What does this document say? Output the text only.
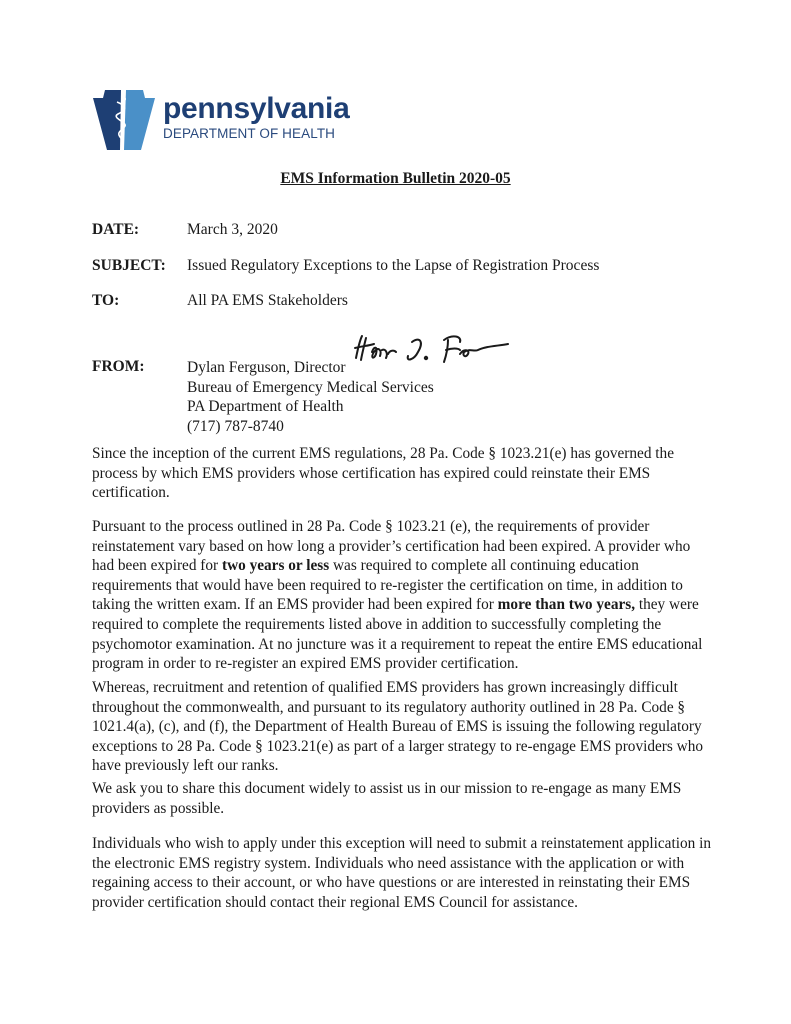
pennsylvania
DEPARTMENT OF HEALTH
EMS Information Bulletin 2020-05
DATE:	March 3, 2020
SUBJECT: Issued Regulatory Exceptions to the Lapse of Registration Process
TO:	All PA EMS Stakeholders
FROM:	Dylan Ferguson, Director
Bureau of Emergency Medical Services
PA Department of Health
(717) 787-8740

Since the inception of the current EMS regulations, 28 Pa. Code § 1023.21(e) has governed the process by which EMS providers whose certification has expired could reinstate their EMS certification.

Pursuant to the process outlined in 28 Pa. Code § 1023.21 (e), the requirements of provider reinstatement vary based on how long a provider’s certification had been expired. A provider who had been expired for two years or less was required to complete all continuing education requirements that would have been required to re-register the certification on time, in addition to taking the written exam. If an EMS provider had been expired for more than two years, they were required to complete the requirements listed above in addition to successfully completing the psychomotor examination. At no juncture was it a requirement to repeat the entire EMS educational program in order to re-register an expired EMS provider certification.

Whereas, recruitment and retention of qualified EMS providers has grown increasingly difficult throughout the commonwealth, and pursuant to its regulatory authority outlined in 28 Pa. Code § 1021.4(a), (c), and (f), the Department of Health Bureau of EMS is issuing the following regulatory exceptions to 28 Pa. Code § 1023.21(e) as part of a larger strategy to re-engage EMS providers who have previously left our ranks.

We ask you to share this document widely to assist us in our mission to re-engage as many EMS providers as possible.

Individuals who wish to apply under this exception will need to submit a reinstatement application in the electronic EMS registry system. Individuals who need assistance with the application or with regaining access to their account, or who have questions or are interested in reinstating their EMS provider certification should contact their regional EMS Council for assistance.
